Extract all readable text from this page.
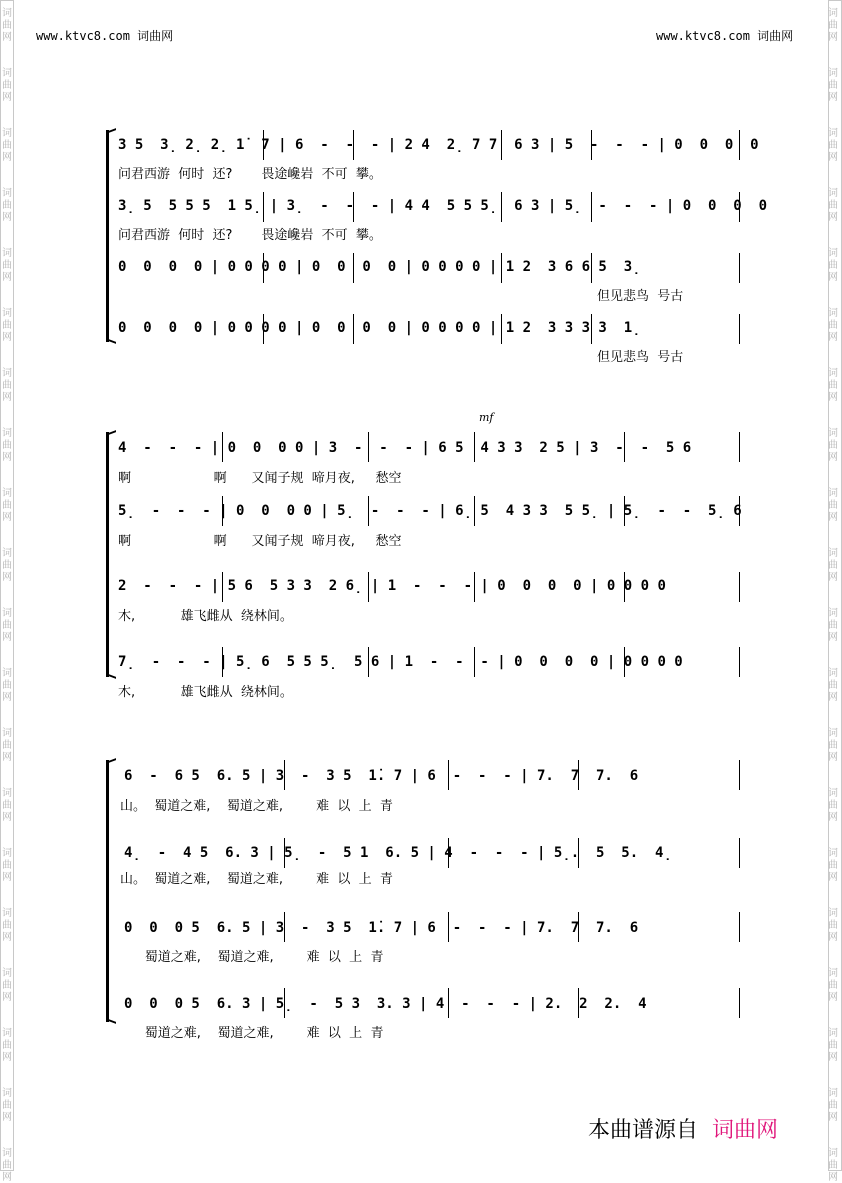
词	词
曲	曲
网	网
词	词
曲	曲
网	网
词	词
曲	曲
网	网
词	词
曲	曲
网	网
词	词
曲	曲
网	网
词	词
曲	曲
网	网
词	词
曲	曲
网	网
词	词
曲	曲
网	网
词	词
曲	曲
网	网
词	词
曲	曲
网	网
词	词
曲	曲
网	网
词	词
曲	曲
网	网
词	词
曲	曲
网	网
词	词
曲	曲
网	网
词	词
曲	曲
网	网
词	词
曲	曲
网	网
词	词
曲	曲
网	网
词	词
曲	曲
网	网
词	词
曲	曲
网	网
词	词
曲	曲
网	网
www.ktvc8.com 词曲网	www.ktvc8.com 词曲网
mf
3 5  3̣ 2̣ 2̣ 1̇  7 | 6  -  -  - | 2 4  2̣ 7 7  6 3 | 5  -  -  - | 0  0  0  0
问君西游  何时  还?       畏途巉岩  不可  攀。
3̣ 5  5 5 5  1 5̣ | 3̣  -  -  - | 4 4  5 5 5̣  6 3 | 5̣  -  -  - | 0  0  0  0
问君西游  何时  还?       畏途巉岩  不可  攀。
0  0  0  0 | 0 0 0 0 | 0  0  0  0 | 0 0 0 0 | 1 2  3 6 6 5  3̣
但见悲鸟  号古
0  0  0  0 | 0 0 0 0 | 0  0  0  0 | 0 0 0 0 | 1 2  3 3 3 3  1̣
但见悲鸟  号古
4  -  -  - | 0  0  0 0 | 3  -  -  - | 6 5  4 3 3  2 5 | 3  -  -  5 6
啊                    啊      又闻子规  啼月夜,     愁空
5̣  -  -  - | 0  0  0 0 | 5̣  -  -  - | 6̣ 5  4 3 3  5 5̣ | 5̣  -  -  5̣ 6
啊                    啊      又闻子规  啼月夜,     愁空
2  -  -  - | 5 6  5 3 3  2 6̣ | 1  -  -  - | 0  0  0  0 | 0 0 0 0
木,           雄飞雌从  绕林间。
7̣  -  -  - | 5̣ 6  5 5 5̣  5 6 | 1  -  -  - | 0  0  0  0 | 0 0 0 0
木,           雄飞雌从  绕林间。
6  -  6 5  6. 5 | 3  -  3 5  1̇. 7 | 6  -  -  - | 7.  7  7.  6
山。  蜀道之难,    蜀道之难,        难  以  上  青
4̣  -  4 5  6. 3 | 5̣  -  5 1  6. 5 | 4  -  -  - | 5̣.  5  5.  4̣
山。  蜀道之难,    蜀道之难,        难  以  上  青
0  0  0 5  6. 5 | 3  -  3 5  1̇. 7 | 6  -  -  - | 7.  7  7.  6
蜀道之难,    蜀道之难,        难  以  上  青
0  0  0 5  6. 3 | 5̣  -  5 3  3. 3 | 4  -  -  - | 2.  2  2.  4
蜀道之难,    蜀道之难,        难  以  上  青
本曲谱源自 词曲网
